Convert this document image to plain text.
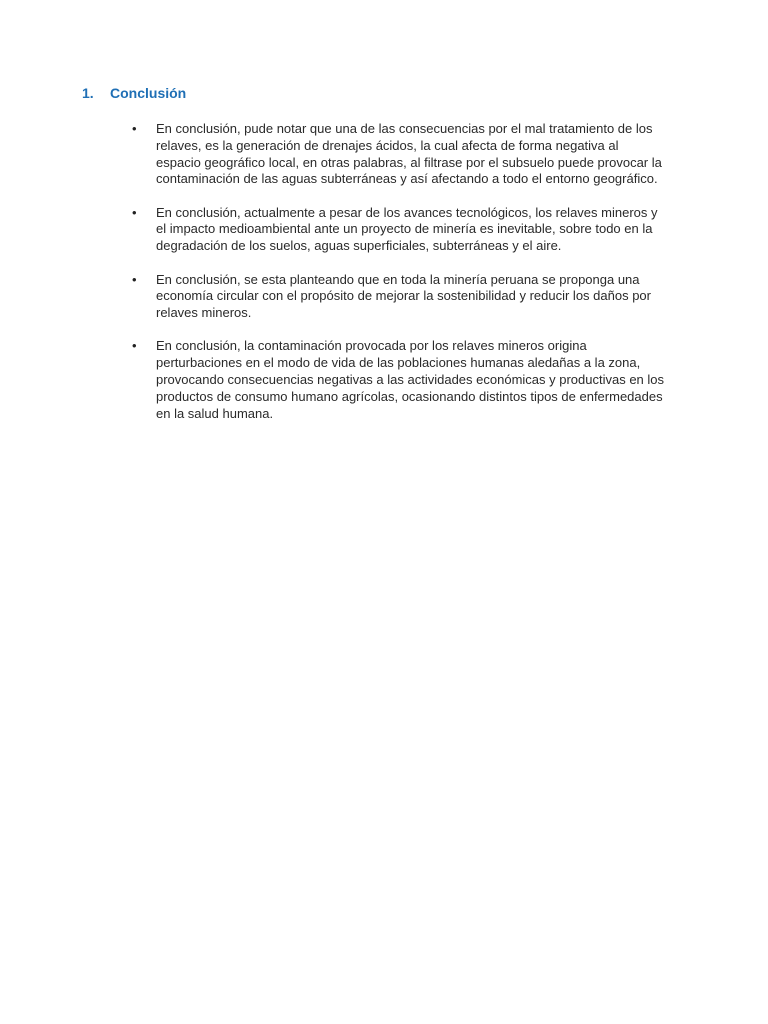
1.	Conclusión
•	En conclusión, pude notar que una de las consecuencias por el mal tratamiento de los relaves, es la generación de drenajes ácidos, la cual afecta de forma negativa al espacio geográfico local, en otras palabras, al filtrase por el subsuelo puede provocar la contaminación de las aguas subterráneas y así afectando a todo el entorno geográfico.
•	En conclusión, actualmente a pesar de los avances tecnológicos, los relaves mineros y el impacto medioambiental ante un proyecto de minería es inevitable, sobre todo en la degradación de los suelos, aguas superficiales, subterráneas y el aire.
•	En conclusión, se esta planteando que en toda la minería peruana se proponga una economía circular con el propósito de mejorar la sostenibilidad y reducir los daños por relaves mineros.
•	En conclusión, la contaminación provocada por los relaves mineros origina perturbaciones en el modo de vida de las poblaciones humanas aledañas a la zona, provocando consecuencias negativas a las actividades económicas y productivas en los productos de consumo humano agrícolas, ocasionando distintos tipos de enfermedades en la salud humana.
